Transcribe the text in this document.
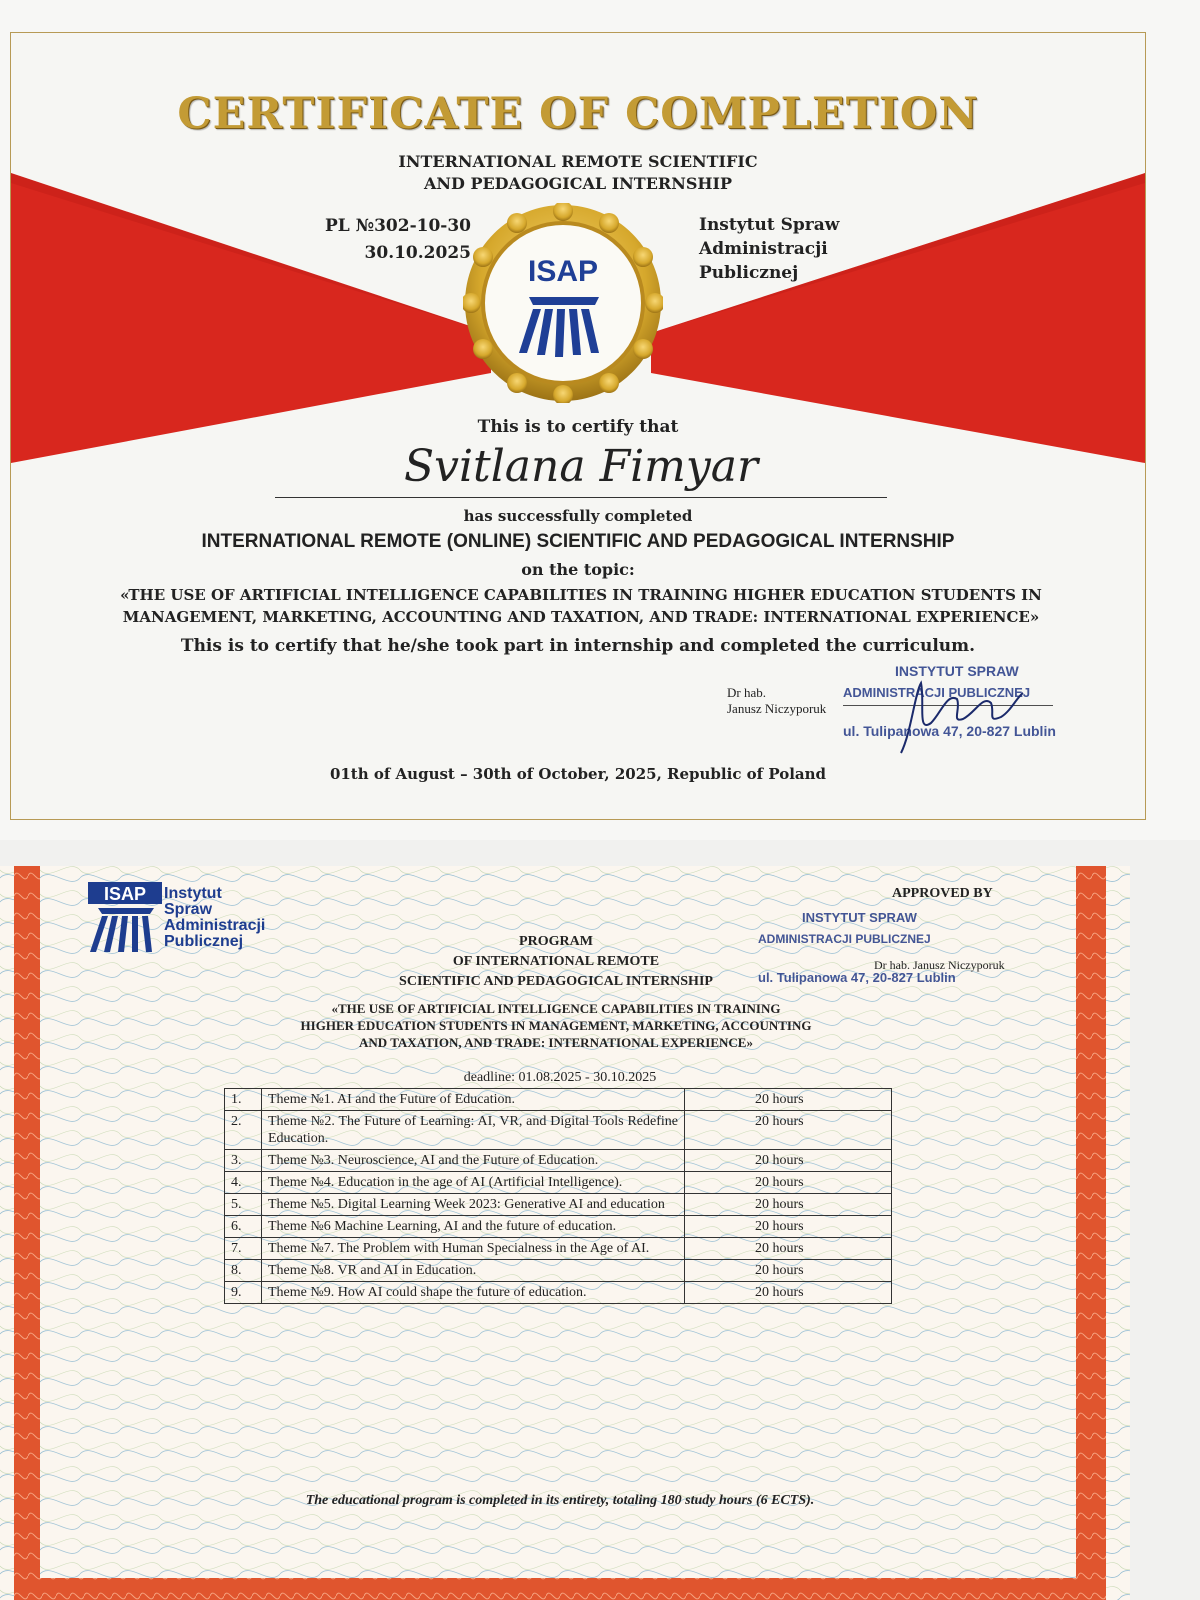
CERTIFICATE OF COMPLETION
INTERNATIONAL REMOTE SCIENTIFIC
AND PEDAGOGICAL INTERNSHIP
PL №302-10-30
30.10.2025
Instytut Spraw
Administracji
Publicznej
ISAP
This is to certify that
Svitlana Fimyar
has successfully completed
INTERNATIONAL REMOTE (ONLINE) SCIENTIFIC AND PEDAGOGICAL INTERNSHIP
on the topic:
«THE USE OF ARTIFICIAL INTELLIGENCE CAPABILITIES IN TRAINING HIGHER EDUCATION STUDENTS IN
MANAGEMENT, MARKETING, ACCOUNTING AND TAXATION, AND TRADE: INTERNATIONAL EXPERIENCE»
This is to certify that he/she took part in internship and completed the curriculum.
Dr hab.
Janusz Niczyporuk
INSTYTUT SPRAW
ADMINISTRACJI PUBLICZNEJ
ul. Tulipanowa 47, 20-827 Lublin
01th of August – 30th of October, 2025, Republic of Poland
ISAP Instytut
Spraw
Administracji
Publicznej
APPROVED BY
INSTYTUT SPRAW
ADMINISTRACJI PUBLICZNEJ
ul. Tulipanowa 47, 20-827 Lublin
Dr hab. Janusz Niczyporuk
PROGRAM
OF INTERNATIONAL REMOTE
SCIENTIFIC AND PEDAGOGICAL INTERNSHIP
«THE USE OF ARTIFICIAL INTELLIGENCE CAPABILITIES IN TRAINING
HIGHER EDUCATION STUDENTS IN MANAGEMENT, MARKETING, ACCOUNTING
AND TAXATION, AND TRADE: INTERNATIONAL EXPERIENCE»
deadline: 01.08.2025 - 30.10.2025
1.	Theme №1. AI and the Future of Education.	20 hours
2.	Theme №2. The Future of Learning: AI, VR, and Digital Tools Redefine Education.	20 hours
3.	Theme №3. Neuroscience, AI and the Future of Education.	20 hours
4.	Theme №4. Education in the age of AI (Artificial Intelligence).	20 hours
5.	Theme №5. Digital Learning Week 2023: Generative AI and education	20 hours
6.	Theme №6 Machine Learning, AI and the future of education.	20 hours
7.	Theme №7. The Problem with Human Specialness in the Age of AI.	20 hours
8.	Theme №8. VR and AI in Education.	20 hours
9.	Theme №9. How AI could shape the future of education.	20 hours
The educational program is completed in its entirety, totaling 180 study hours (6 ECTS).
